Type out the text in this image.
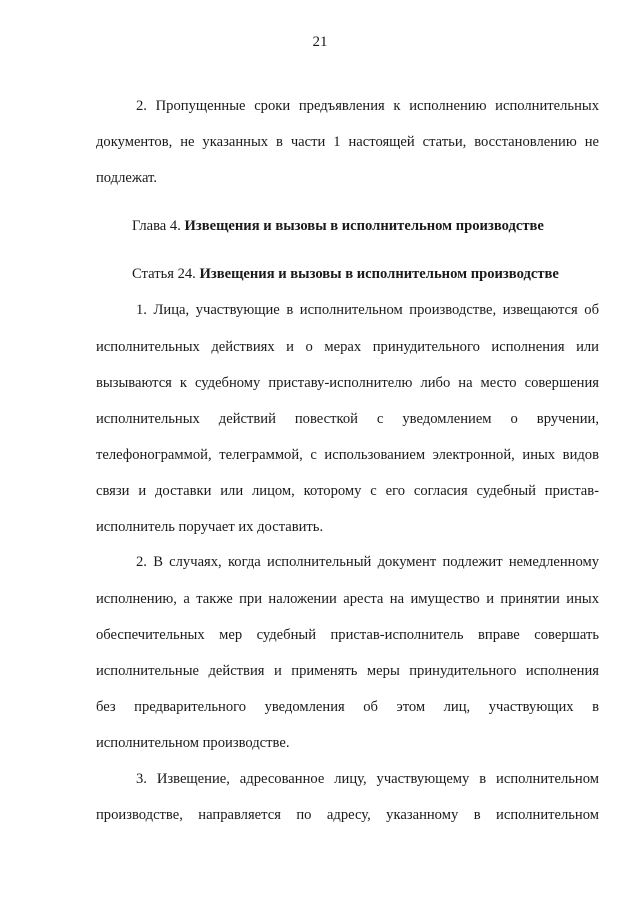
21
2. Пропущенные сроки предъявления к исполнению исполнительных
документов, не указанных в части 1 настоящей статьи, восстановлению не
подлежат.
Глава 4. Извещения и вызовы в исполнительном производстве
Статья 24. Извещения и вызовы в исполнительном производстве
1. Лица, участвующие в исполнительном производстве, извещаются об
исполнительных действиях и о мерах принудительного исполнения или
вызываются к судебному приставу-исполнителю либо на место совершения
исполнительных действий повесткой с уведомлением о вручении,
телефонограммой, телеграммой, с использованием электронной, иных видов
связи и доставки или лицом, которому с его согласия судебный пристав-
исполнитель поручает их доставить.
2. В случаях, когда исполнительный документ подлежит немедленному
исполнению, а также при наложении ареста на имущество и принятии иных
обеспечительных мер судебный пристав-исполнитель вправе совершать
исполнительные действия и применять меры принудительного исполнения
без предварительного уведомления об этом лиц, участвующих в
исполнительном производстве.
3. Извещение, адресованное лицу, участвующему в исполнительном
производстве, направляется по адресу, указанному в исполнительном
